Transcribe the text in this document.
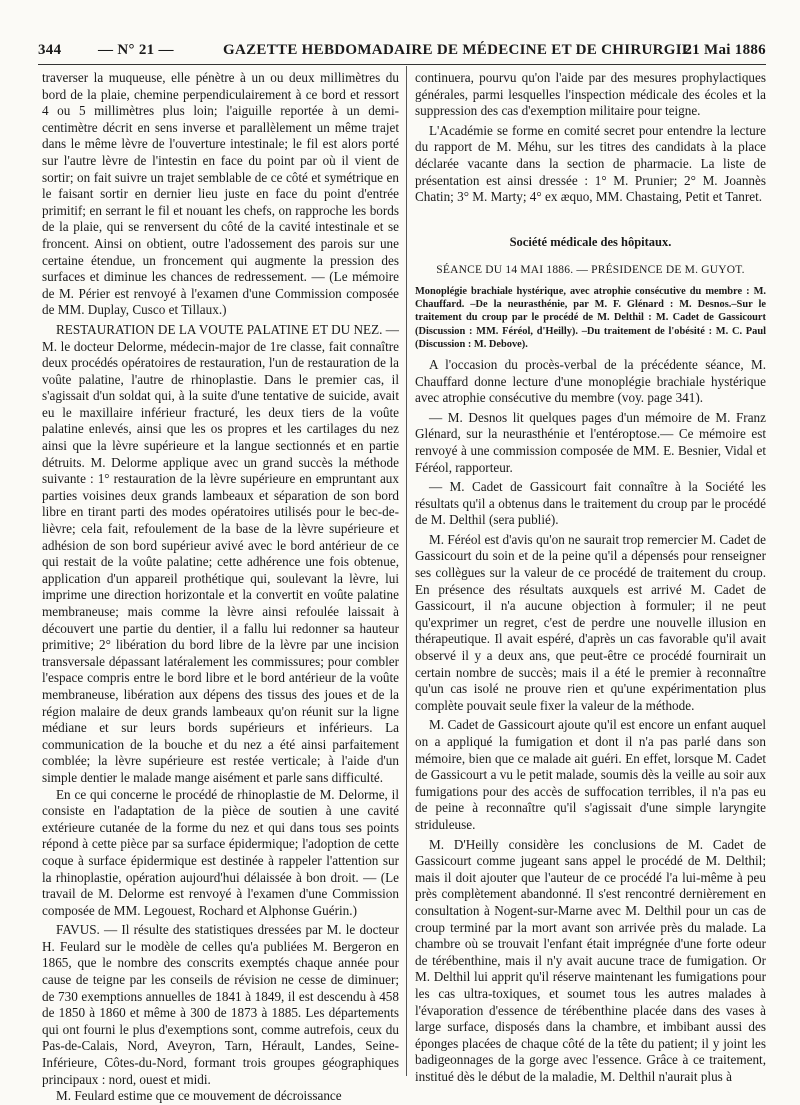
344 — N° 21 —	GAZETTE HEBDOMADAIRE DE MÉDECINE ET DE CHIRURGIE
21 Mai 1886

traverser la muqueuse, elle pénètre à un ou deux millimètres du bord de la plaie, chemine perpendiculairement à ce bord et ressort 4 ou 5 millimètres plus loin; l'aiguille reportée à un demi-centimètre décrit en sens inverse et parallèlement un même trajet dans le même lèvre de l'ouverture intestinale; le fil est alors porté sur l'autre lèvre de l'intestin en face du point par où il vient de sortir; on fait suivre un trajet semblable de ce côté et symétrique en le faisant sortir en dernier lieu juste en face du point d'entrée primitif; en serrant le fil et nouant les chefs, on rapproche les bords de la plaie, qui se renversent du côté de la cavité intestinale et se froncent. Ainsi on obtient, outre l'adossement des parois sur une certaine étendue, un froncement qui augmente la pression des surfaces et diminue les chances de redressement. — (Le mémoire de M. Périer est renvoyé à l'examen d'une Commission composée de MM. Duplay, Cusco et Tillaux.)

RESTAURATION DE LA VOUTE PALATINE ET DU NEZ. — M. le docteur Delorme, médecin-major de 1re classe, fait connaître deux procédés opératoires de restauration, l'un de restauration de la voûte palatine, l'autre de rhinoplastie. Dans le premier cas, il s'agissait d'un soldat qui, à la suite d'une tentative de suicide, avait eu le maxillaire inférieur fracturé, les deux tiers de la voûte palatine enlevés, ainsi que les os propres et les cartilages du nez ainsi que la lèvre supérieure et la langue sectionnés et en partie détruits. M. Delorme applique avec un grand succès la méthode suivante : 1° restauration de la lèvre supérieure en empruntant aux parties voisines deux grands lambeaux et séparation de son bord libre en tirant parti des modes opératoires utilisés pour le bec-de-lièvre; cela fait, refoulement de la base de la lèvre supérieure et adhésion de son bord supérieur avivé avec le bord antérieur de ce qui restait de la voûte palatine; cette adhérence une fois obtenue, application d'un appareil prothétique qui, soulevant la lèvre, lui imprime une direction horizontale et la convertit en voûte palatine membraneuse; mais comme la lèvre ainsi refoulée laissait à découvert une partie du dentier, il a fallu lui redonner sa hauteur primitive; 2° libération du bord libre de la lèvre par une incision transversale dépassant latéralement les commissures; pour combler l'espace compris entre le bord libre et le bord antérieur de la voûte membraneuse, libération aux dépens des tissus des joues et de la région malaire de deux grands lambeaux qu'on réunit sur la ligne médiane et sur leurs bords supérieurs et inférieurs. La communication de la bouche et du nez a été ainsi parfaitement comblée; la lèvre supérieure est restée verticale; à l'aide d'un simple dentier le malade mange aisément et parle sans difficulté.

En ce qui concerne le procédé de rhinoplastie de M. Delorme, il consiste en l'adaptation de la pièce de soutien à une cavité extérieure cutanée de la forme du nez et qui dans tous ses points répond à cette pièce par sa surface épidermique; l'adoption de cette coque à surface épidermique est destinée à rappeler l'attention sur la rhinoplastie, opération aujourd'hui délaissée à bon droit. — (Le travail de M. Delorme est renvoyé à l'examen d'une Commission composée de MM. Legouest, Rochard et Alphonse Guérin.)

FAVUS. — Il résulte des statistiques dressées par M. le docteur H. Feulard sur le modèle de celles qu'a publiées M. Bergeron en 1865, que le nombre des conscrits exemptés chaque année pour cause de teigne par les conseils de révision ne cesse de diminuer; de 730 exemptions annuelles de 1841 à 1849, il est descendu à 458 de 1850 à 1860 et même à 300 de 1873 à 1885. Les départements qui ont fourni le plus d'exemptions sont, comme autrefois, ceux du Pas-de-Calais, Nord, Aveyron, Tarn, Hérault, Landes, Seine-Inférieure, Côtes-du-Nord, formant trois groupes géographiques principaux : nord, ouest et midi.

M. Feulard estime que ce mouvement de décroissance

continuera, pourvu qu'on l'aide par des mesures prophylactiques générales, parmi lesquelles l'inspection médicale des écoles et la suppression des cas d'exemption militaire pour teigne.

L'Académie se forme en comité secret pour entendre la lecture du rapport de M. Méhu, sur les titres des candidats à la place déclarée vacante dans la section de pharmacie. La liste de présentation est ainsi dressée : 1° M. Prunier; 2° M. Joannès Chatin; 3° M. Marty; 4° ex æquo, MM. Chastaing, Petit et Tanret.

Société médicale des hôpitaux.
SÉANCE DU 14 MAI 1886. — PRÉSIDENCE DE M. GUYOT.

Monoplégie brachiale hystérique, avec atrophie consécutive du membre : M. Chauffard. –De la neurasthénie, par M. F. Glénard : M. Desnos.–Sur le traitement du croup par le procédé de M. Delthil : M. Cadet de Gassicourt (Discussion : MM. Féréol, d'Heilly). –Du traitement de l'obésité : M. C. Paul (Discussion : M. Debove).

A l'occasion du procès-verbal de la précédente séance, M. Chauffard donne lecture d'une monoplégie brachiale hystérique avec atrophie consécutive du membre (voy. page 341).

— M. Desnos lit quelques pages d'un mémoire de M. Franz Glénard, sur la neurasthénie et l'entéroptose.— Ce mémoire est renvoyé à une commission composée de MM. E. Besnier, Vidal et Féréol, rapporteur.

— M. Cadet de Gassicourt fait connaître à la Société les résultats qu'il a obtenus dans le traitement du croup par le procédé de M. Delthil (sera publié).

M. Féréol est d'avis qu'on ne saurait trop remercier M. Cadet de Gassicourt du soin et de la peine qu'il a dépensés pour renseigner ses collègues sur la valeur de ce procédé de traitement du croup. En présence des résultats auxquels est arrivé M. Cadet de Gassicourt, il n'a aucune objection à formuler; il ne peut qu'exprimer un regret, c'est de perdre une nouvelle illusion en thérapeutique. Il avait espéré, d'après un cas favorable qu'il avait observé il y a deux ans, que peut-être ce procédé fournirait un certain nombre de succès; mais il a été le premier à reconnaître qu'un cas isolé ne prouve rien et qu'une expérimentation plus complète pouvait seule fixer la valeur de la méthode.

M. Cadet de Gassicourt ajoute qu'il est encore un enfant auquel on a appliqué la fumigation et dont il n'a pas parlé dans son mémoire, bien que ce malade ait guéri. En effet, lorsque M. Cadet de Gassicourt a vu le petit malade, soumis dès la veille au soir aux fumigations pour des accès de suffocation terribles, il n'a pas eu de peine à reconnaître qu'il s'agissait d'une simple laryngite striduleuse.

M. D'Heilly considère les conclusions de M. Cadet de Gassicourt comme jugeant sans appel le procédé de M. Delthil; mais il doit ajouter que l'auteur de ce procédé l'a lui-même à peu près complètement abandonné. Il s'est rencontré dernièrement en consultation à Nogent-sur-Marne avec M. Delthil pour un cas de croup terminé par la mort avant son arrivée près du malade. La chambre où se trouvait l'enfant était imprégnée d'une forte odeur de térébenthine, mais il n'y avait aucune trace de fumigation. Or M. Delthil lui apprit qu'il réserve maintenant les fumigations pour les cas ultra-toxiques, et soumet tous les autres malades à l'évaporation d'essence de térébenthine placée dans des vases à large surface, disposés dans la chambre, et imbibant aussi des éponges placées de chaque côté de la tête du patient; il y joint les badigeonnages de la gorge avec l'essence. Grâce à ce traitement, institué dès le début de la maladie, M. Delthil n'aurait plus à
